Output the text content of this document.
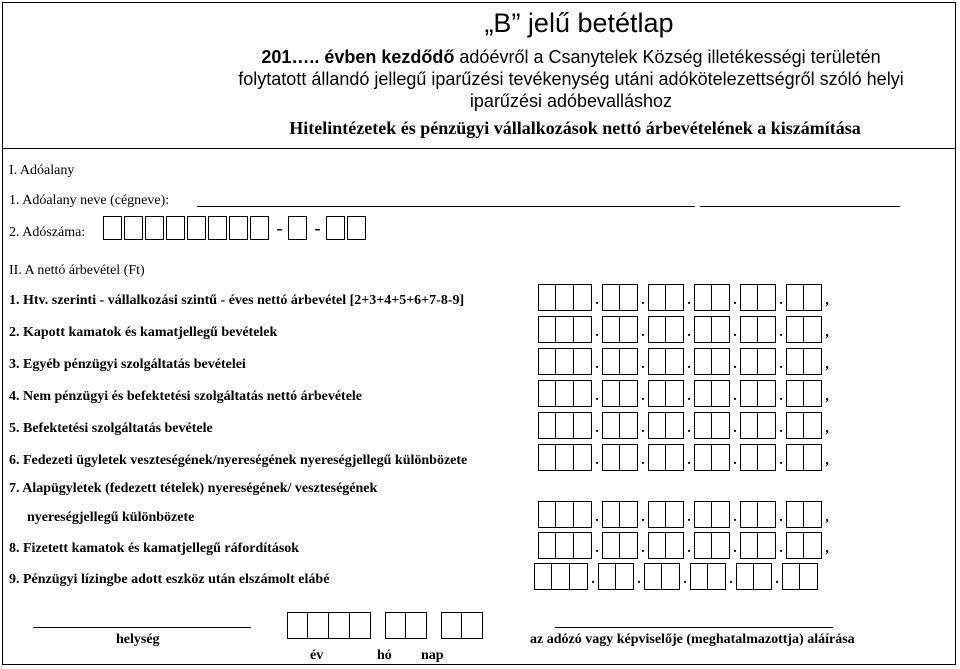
„B” jelű betétlap
201….. évben kezdődő adóévről a Csanytelek Község illetékességi területén
folytatott állandó jellegű iparűzési tevékenység utáni adókötelezettségről szóló helyi
iparűzési adóbevalláshoz
Hitelintézetek és pénzügyi vállalkozások nettó árbevételének a kiszámítása
I. Adóalany
1. Adóalany neve (cégneve):
2. Adószáma:	-	-
II. A nettó árbevétel (Ft)
1. Htv. szerinti - vállalkozási szintű - éves nettó árbevétel [2+3+4+5+6+7-8-9]	.	.	.	.	.	,
2. Kapott kamatok és kamatjellegű bevételek	.	.	.	.	.	,
3. Egyéb pénzügyi szolgáltatás bevételei	.	.	.	.	.	,
4. Nem pénzügyi és befektetési szolgáltatás nettó árbevétele	.	.	.	.	.	,
5. Befektetési szolgáltatás bevétele	.	.	.	.	.	,
6. Fedezeti ügyletek veszteségének/nyereségének nyereségjellegű különbözete	.	.	.	.	.	,
7. Alapügyletek (fedezett tételek) nyereségének/ veszteségének
nyereségjellegű különbözete	.	.	.	.	.	,
8. Fizetett kamatok és kamatjellegű ráfordítások	.	.	.	.	.	,
9. Pénzügyi lízingbe adott eszköz után elszámolt elábé	.	.	.	.	.
helység
év	hó nap
az adózó vagy képviselője (meghatalmazottja) aláírása
